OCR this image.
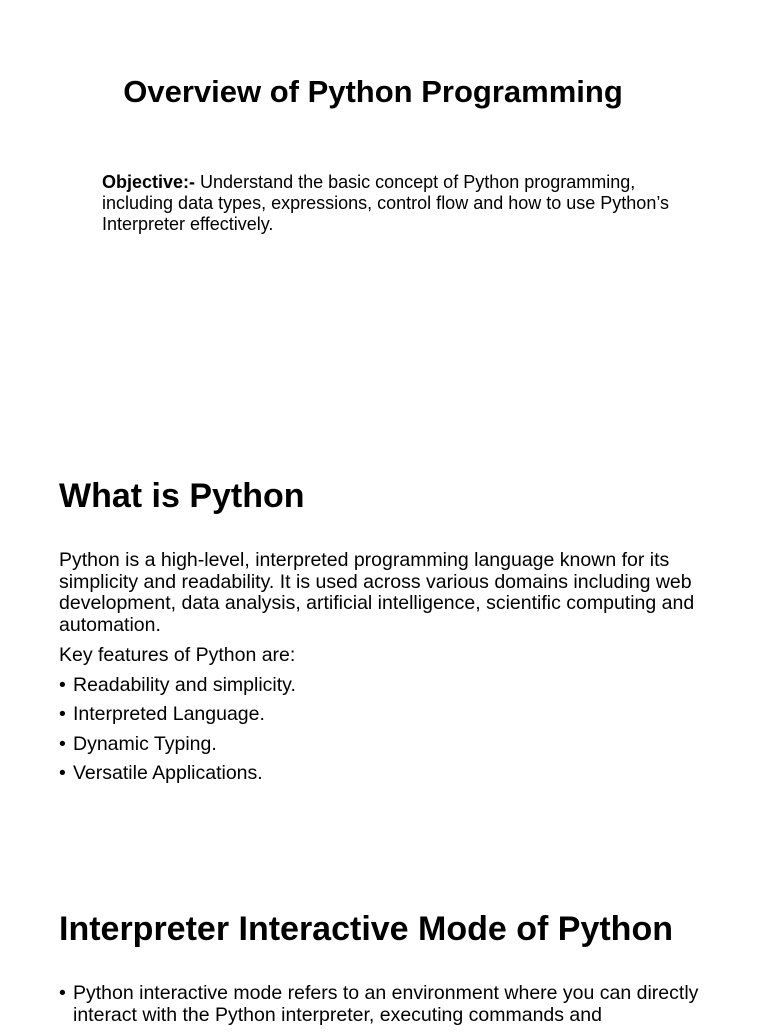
Overview of Python Programming

Objective:- Understand the basic concept of Python programming, including data types, expressions, control flow and how to use Python’s Interpreter effectively.

What is Python

Python is a high-level, interpreted programming language known for its simplicity and readability. It is used across various domains including web development, data analysis, artificial intelligence, scientific computing and automation.

Key features of Python are:

• Readability and simplicity.
• Interpreted Language.
• Dynamic Typing.
• Versatile Applications.
Interpreter Interactive Mode of Python
• Python interactive mode refers to an environment where you can directly interact with the Python interpreter, executing commands and
